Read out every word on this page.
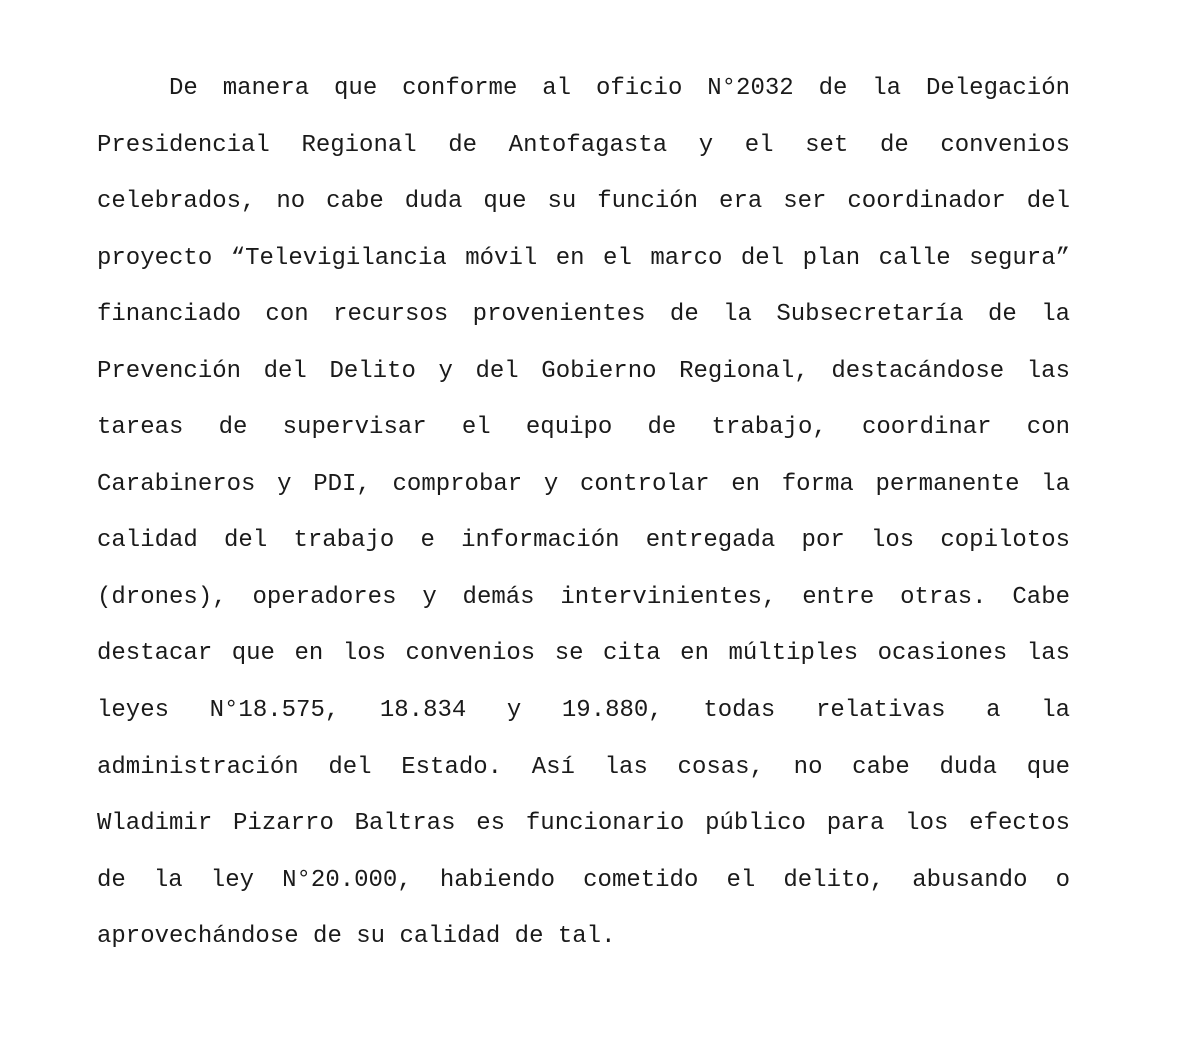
De manera que conforme al oficio N°2032 de la Delegación
Presidencial Regional de Antofagasta y el set de convenios
celebrados, no cabe duda que su función era ser coordinador del
proyecto “Televigilancia móvil en el marco del plan calle segura”
financiado con recursos provenientes de la Subsecretaría de la
Prevención del Delito y del Gobierno Regional, destacándose las
tareas de supervisar el equipo de trabajo, coordinar con
Carabineros y PDI, comprobar y controlar en forma permanente la
calidad del trabajo e información entregada por los copilotos
(drones), operadores y demás intervinientes, entre otras. Cabe
destacar que en los convenios se cita en múltiples ocasiones las
leyes N°18.575, 18.834 y 19.880, todas relativas a la
administración del Estado. Así las cosas, no cabe duda que
Wladimir Pizarro Baltras es funcionario público para los efectos
de la ley N°20.000, habiendo cometido el delito, abusando o
aprovechándose de su calidad de tal.
